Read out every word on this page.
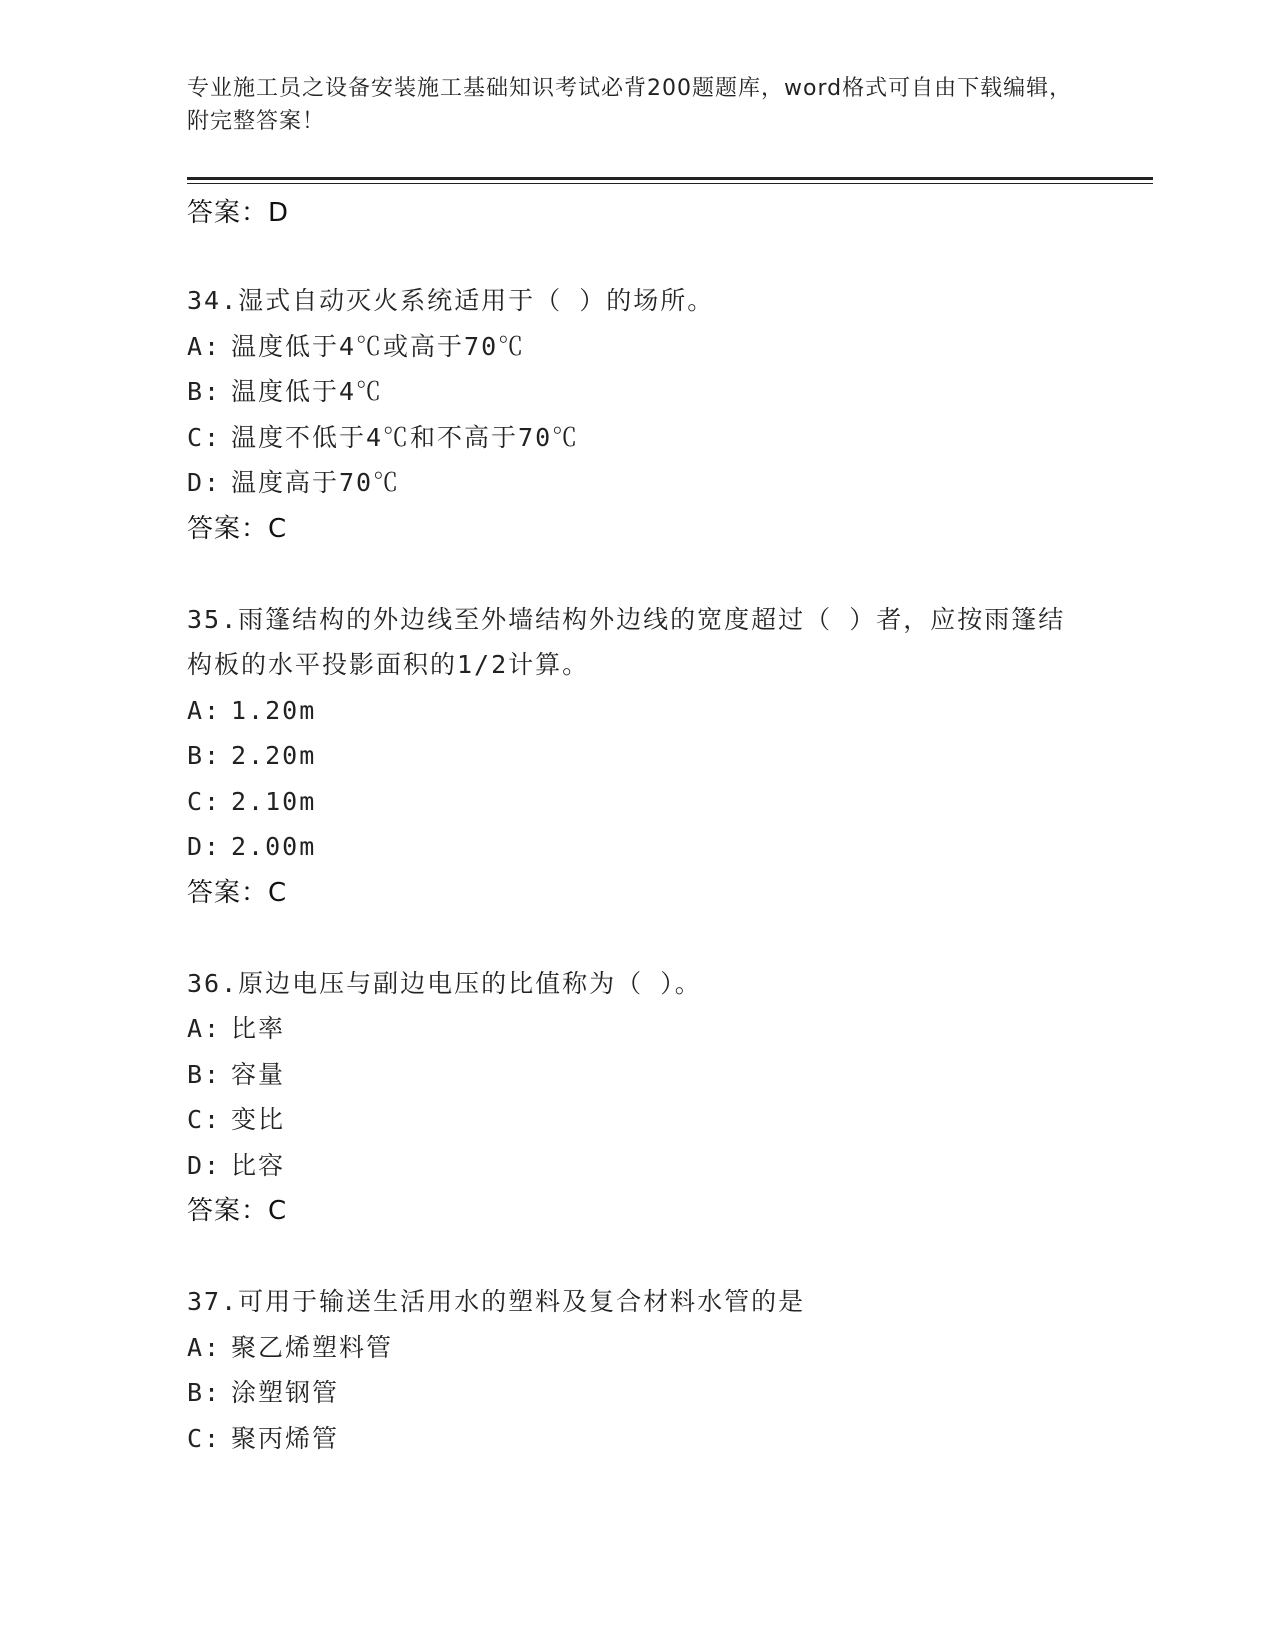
专业施工员之设备安装施工基础知识考试必背200题题库，word格式可自由下载编辑，附完整答案！
答案：D
34.湿式自动灭火系统适用于（ ）的场所。
A: 温度低于4℃或高于70℃
B: 温度低于4℃
C: 温度不低于4℃和不高于70℃
D: 温度高于70℃
答案：C
35.雨篷结构的外边线至外墙结构外边线的宽度超过（ ）者，应按雨篷结构板的水平投影面积的1/2计算。
A: 1.20m
B: 2.20m
C: 2.10m
D: 2.00m
答案：C
36.原边电压与副边电压的比值称为（ ）。
A: 比率
B: 容量
C: 变比
D: 比容
答案：C
37.可用于输送生活用水的塑料及复合材料水管的是
A: 聚乙烯塑料管
B: 涂塑钢管
C: 聚丙烯管
